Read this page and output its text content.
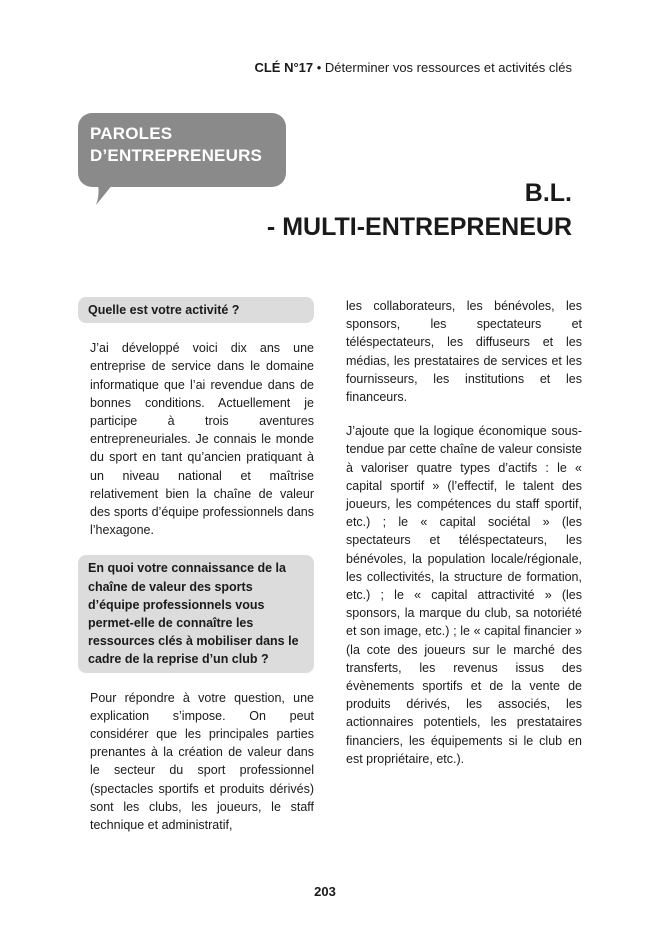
CLÉ N°17 • Déterminer vos ressources et activités clés
PAROLES
D’ENTREPRENEURS
B.L.
- MULTI-ENTREPRENEUR
Quelle est votre activité ?

J’ai développé voici dix ans une entreprise de service dans le domaine informatique que l’ai revendue dans de bonnes conditions. Actuellement je participe à trois aventures entrepreneuriales. Je connais le monde du sport en tant qu’ancien pratiquant à un niveau national et maîtrise relativement bien la chaîne de valeur des sports d’équipe professionnels dans l’hexagone.

En quoi votre connaissance de la chaîne de valeur des sports d’équipe professionnels vous permet-elle de connaître les ressources clés à mobiliser dans le cadre de la reprise d’un club ?

Pour répondre à votre question, une explication s’impose. On peut considérer que les principales parties prenantes à la création de valeur dans le secteur du sport professionnel (spectacles sportifs et produits dérivés) sont les clubs, les joueurs, le staff technique et administratif,

les collaborateurs, les bénévoles, les sponsors, les spectateurs et téléspectateurs, les diffuseurs et les médias, les prestataires de services et les fournisseurs, les institutions et les financeurs.

J’ajoute que la logique économique sous-tendue par cette chaîne de valeur consiste à valoriser quatre types d’actifs : le « capital sportif » (l’effectif, le talent des joueurs, les compétences du staff sportif, etc.) ; le « capital sociétal » (les spectateurs et téléspectateurs, les bénévoles, la population locale/régionale, les collectivités, la structure de formation, etc.) ; le « capital attractivité » (les sponsors, la marque du club, sa notoriété et son image, etc.) ; le « capital financier » (la cote des joueurs sur le marché des transferts, les revenus issus des évènements sportifs et de la vente de produits dérivés, les associés, les actionnaires potentiels, les prestataires financiers, les équipements si le club en est propriétaire, etc.).

203
